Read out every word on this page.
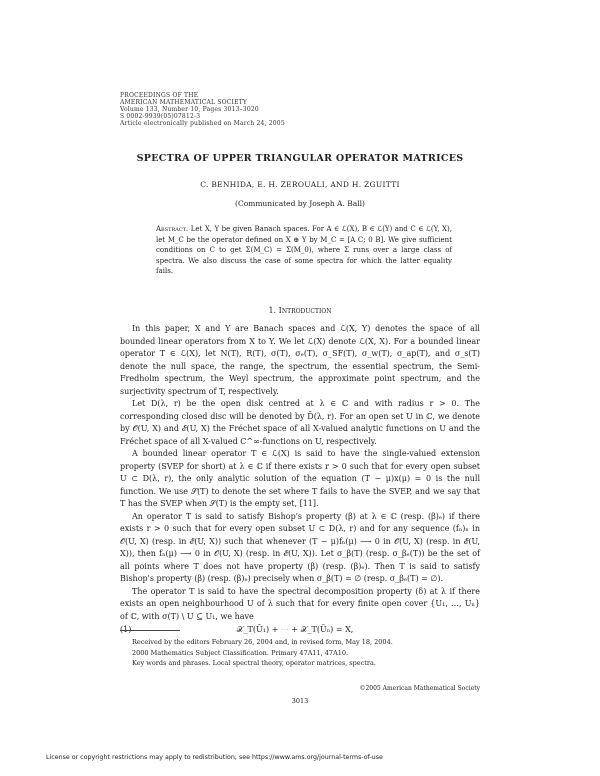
PROCEEDINGS OF THE
AMERICAN MATHEMATICAL SOCIETY
Volume 133, Number 10, Pages 3013–3020
S 0002-9939(05)07812-3
Article electronically published on March 24, 2005
SPECTRA OF UPPER TRIANGULAR OPERATOR MATRICES
C. BENHIDA, E. H. ZEROUALI, AND H. ZGUITTI
(Communicated by Joseph A. Ball)
Abstract. Let X, Y be given Banach spaces. For A ∈ ℒ(X), B ∈ ℒ(Y) and C ∈ ℒ(Y, X), let M_C be the operator defined on X ⊕ Y by M_C = [A C; 0 B]. We give sufficient conditions on C to get Σ(M_C) = Σ(M_0), where Σ runs over a large class of spectra. We also discuss the case of some spectra for which the latter equality fails.
1. Introduction

In this paper, X and Y are Banach spaces and ℒ(X, Y) denotes the space of all bounded linear operators from X to Y. We let ℒ(X) denote ℒ(X, X). For a bounded linear operator T ∈ ℒ(X), let N(T), R(T), σ(T), σₑ(T), σ_SF(T), σ_w(T), σ_ap(T), and σ_s(T) denote the null space, the range, the spectrum, the essential spectrum, the Semi-Fredholm spectrum, the Weyl spectrum, the approximate point spectrum, and the surjectivity spectrum of T, respectively.

Let D(λ, r) be the open disk centred at λ ∈ ℂ and with radius r > 0. The corresponding closed disc will be denoted by D̄(λ, r). For an open set U in ℂ, we denote by 𝒪(U, X) and ℰ(U, X) the Fréchet space of all X-valued analytic functions on U and the Fréchet space of all X-valued C^∞-functions on U, respectively.

A bounded linear operator T ∈ ℒ(X) is said to have the single-valued extension property (SVEP for short) at λ ∈ ℂ if there exists r > 0 such that for every open subset U ⊂ D(λ, r), the only analytic solution of the equation (T − μ)x(μ) = 0 is the null function. We use 𝒮(T) to denote the set where T fails to have the SVEP, and we say that T has the SVEP when 𝒮(T) is the empty set, [11].

An operator T is said to satisfy Bishop's property (β) at λ ∈ ℂ (resp. (β)ₑ) if there exists r > 0 such that for every open subset U ⊂ D(λ, r) and for any sequence (fₙ)ₙ in 𝒪(U, X) (resp. in ℰ(U, X)) such that whenever (T − μ)fₙ(μ) ⟶ 0 in 𝒪(U, X) (resp. in ℰ(U, X)), then fₙ(μ) ⟶ 0 in 𝒪(U, X) (resp. in ℰ(U, X)). Let σ_β(T) (resp. σ_βₑ(T)) be the set of all points where T does not have property (β) (resp. (β)ₑ). Then T is said to satisfy Bishop's property (β) (resp. (β)ₑ) precisely when σ_β(T) = ∅ (resp. σ_βₑ(T) = ∅).

The operator T is said to have the spectral decomposition property (δ) at λ if there exists an open neighbourhood U of λ such that for every finite open cover {U₁, …, Uₙ} of ℂ, with σ(T) \ U ⊆ U₁, we have

(1)	𝒳_T(Ū₁) + ⋯ + 𝒳_T(Ūₙ) = X,
Received by the editors February 26, 2004 and, in revised form, May 18, 2004.
2000 Mathematics Subject Classification. Primary 47A11, 47A10.
Key words and phrases. Local spectral theory, operator matrices, spectra.
©2005 American Mathematical Society
3013
License or copyright restrictions may apply to redistribution; see https://www.ams.org/journal-terms-of-use
